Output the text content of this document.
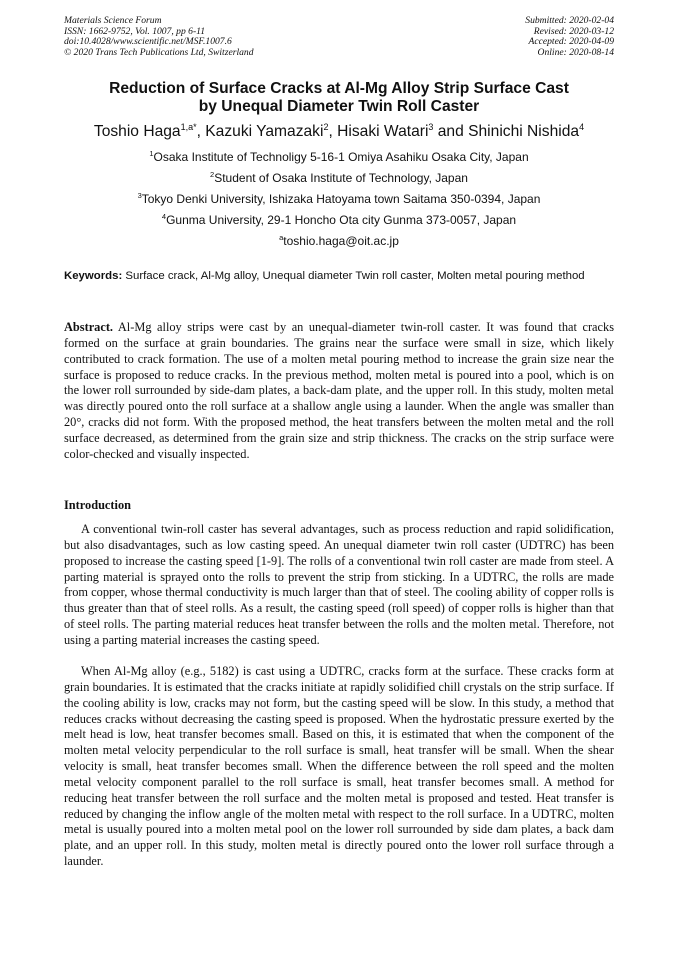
Materials Science Forum
ISSN: 1662-9752, Vol. 1007, pp 6-11
doi:10.4028/www.scientific.net/MSF.1007.6
© 2020 Trans Tech Publications Ltd, Switzerland
Submitted: 2020-02-04
Revised: 2020-03-12
Accepted: 2020-04-09
Online: 2020-08-14
Reduction of Surface Cracks at Al-Mg Alloy Strip Surface Cast
by Unequal Diameter Twin Roll Caster
Toshio Haga$^{1,a*}$, Kazuki Yamazaki$^2$, Hisaki Watari$^3$ and Shinichi Nishida$^4$
$^1$Osaka Institute of Technoligy 5-16-1 Omiya Asahiku Osaka City, Japan
$^2$Student of Osaka Institute of Technology, Japan
$^3$Tokyo Denki University, Ishizaka Hatoyama town Saitama 350-0394, Japan
$^4$Gunma University, 29-1 Honcho Ota city Gunma 373-0057, Japan
$^a$toshio.haga@oit.ac.jp
Keywords: Surface crack, Al-Mg alloy, Unequal diameter Twin roll caster, Molten metal pouring method
Abstract. Al-Mg alloy strips were cast by an unequal-diameter twin-roll caster. It was found that cracks formed on the surface at grain boundaries. The grains near the surface were small in size, which likely contributed to crack formation. The use of a molten metal pouring method to increase the grain size near the surface is proposed to reduce cracks. In the previous method, molten metal is poured into a pool, which is on the lower roll surrounded by side-dam plates, a back-dam plate, and the upper roll. In this study, molten metal was directly poured onto the roll surface at a shallow angle using a launder. When the angle was smaller than 20°, cracks did not form. With the proposed method, the heat transfers between the molten metal and the roll surface decreased, as determined from the grain size and strip thickness. The cracks on the strip surface were color-checked and visually inspected.
Introduction

A conventional twin-roll caster has several advantages, such as process reduction and rapid solidification, but also disadvantages, such as low casting speed. An unequal diameter twin roll caster (UDTRC) has been proposed to increase the casting speed [1-9]. The rolls of a conventional twin roll caster are made from steel. A parting material is sprayed onto the rolls to prevent the strip from sticking. In a UDTRC, the rolls are made from copper, whose thermal conductivity is much larger than that of steel. The cooling ability of copper rolls is thus greater than that of steel rolls. As a result, the casting speed (roll speed) of copper rolls is higher than that of steel rolls. The parting material reduces heat transfer between the rolls and the molten metal. Therefore, not using a parting material increases the casting speed.

When Al-Mg alloy (e.g., 5182) is cast using a UDTRC, cracks form at the surface. These cracks form at grain boundaries. It is estimated that the cracks initiate at rapidly solidified chill crystals on the strip surface. If the cooling ability is low, cracks may not form, but the casting speed will be slow. In this study, a method that reduces cracks without decreasing the casting speed is proposed. When the hydrostatic pressure exerted by the melt head is low, heat transfer becomes small. Based on this, it is estimated that when the component of the molten metal velocity perpendicular to the roll surface is small, heat transfer will be small. When the shear velocity is small, heat transfer becomes small. When the difference between the roll speed and the molten metal velocity component parallel to the roll surface is small, heat transfer becomes small. A method for reducing heat transfer between the roll surface and the molten metal is proposed and tested. Heat transfer is reduced by changing the inflow angle of the molten metal with respect to the roll surface. In a UDTRC, molten metal is usually poured into a molten metal pool on the lower roll surrounded by side dam plates, a back dam plate, and an upper roll. In this study, molten metal is directly poured onto the lower roll surface through a launder.
